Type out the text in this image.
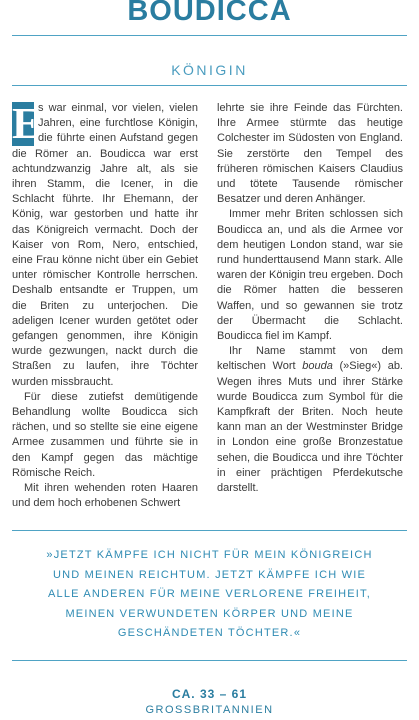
BOUDICCA
KÖNIGIN

E
s war einmal, vor vielen, vielen Jahren, eine furchtlose Königin, die führte einen Aufstand gegen die Römer an. Boudicca war erst achtundzwanzig Jahre alt, als sie ihren Stamm, die Icener, in die Schlacht führte. Ihr Ehemann, der König, war gestorben und hatte ihr das Königreich vermacht. Doch der Kaiser von Rom, Nero, entschied, eine Frau könne nicht über ein Gebiet unter römischer Kontrolle herrschen. Deshalb entsandte er Truppen, um die Briten zu unterjochen. Die adeligen Icener wurden getötet oder gefangen genommen, ihre Königin wurde gezwungen, nackt durch die Straßen zu laufen, ihre Töchter wurden missbraucht.

Für diese zutiefst demütigende Behandlung wollte Boudicca sich rächen, und so stellte sie eine eigene Armee zusammen und führte sie in den Kampf gegen das mächtige Römische Reich.

Mit ihren wehenden roten Haaren und dem hoch erhobenen Schwert

lehrte sie ihre Feinde das Fürchten. Ihre Armee stürmte das heutige Colchester im Südosten von England. Sie zerstörte den Tempel des früheren römischen Kaisers Claudius und tötete Tausende römischer Besatzer und deren Anhänger.

Immer mehr Briten schlossen sich Boudicca an, und als die Armee vor dem heutigen London stand, war sie rund hunderttausend Mann stark. Alle waren der Königin treu ergeben. Doch die Römer hatten die besseren Waffen, und so gewannen sie trotz der Übermacht die Schlacht. Boudicca fiel im Kampf.

Ihr Name stammt von dem keltischen Wort bouda (»Sieg«) ab. Wegen ihres Muts und ihrer Stärke wurde Boudicca zum Symbol für die Kampfkraft der Briten. Noch heute kann man an der Westminster Bridge in London eine große Bronzestatue sehen, die Boudicca und ihre Töchter in einer prächtigen Pferdekutsche darstellt.

»JETZT KÄMPFE ICH NICHT FÜR MEIN KÖNIGREICH UND MEINEN REICHTUM. JETZT KÄMPFE ICH WIE ALLE ANDEREN FÜR MEINE VERLORENE FREIHEIT, MEINEN VERWUNDETEN KÖRPER UND MEINE GESCHÄNDETEN TÖCHTER.«
CA. 33 – 61
GROSSBRITANNIEN
